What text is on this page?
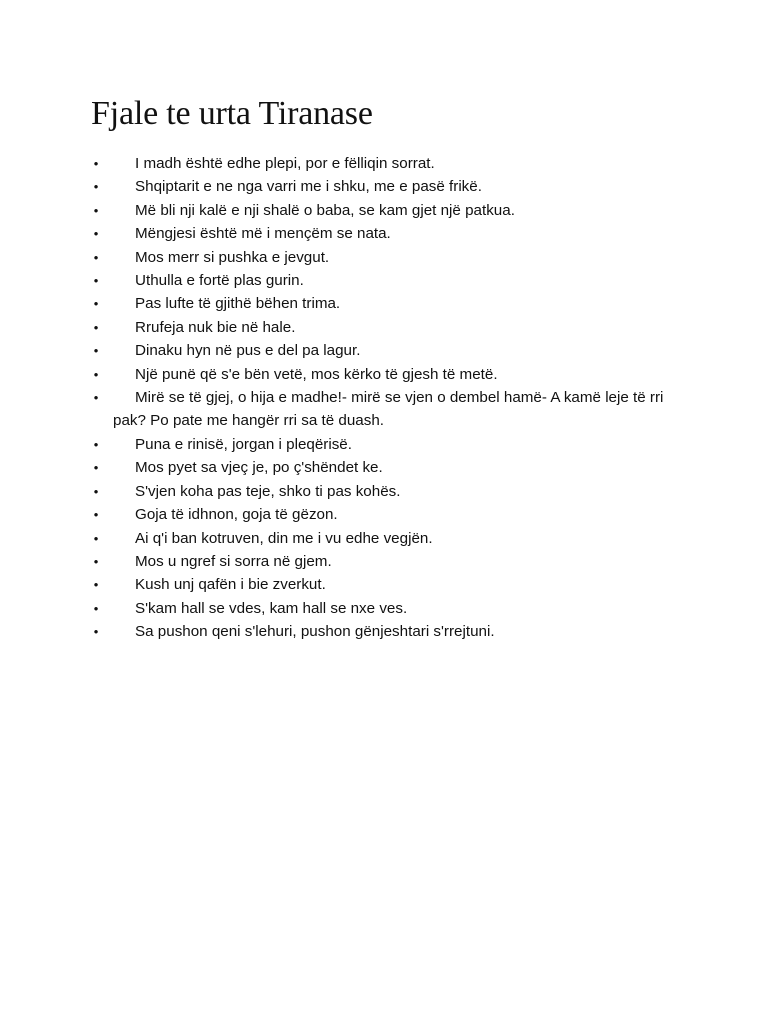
Fjale te urta Tiranase
• I madh është edhe plepi, por e fëlliqin sorrat.
• Shqiptarit e ne nga varri me i shku, me e pasë frikë.
• Më bli nji kalë e nji shalë o baba, se kam gjet një patkua.
• Mëngjesi është më i mençëm se nata.
• Mos merr si pushka e jevgut.
• Uthulla e fortë plas gurin.
• Pas lufte të gjithë bëhen trima.
• Rrufeja nuk bie në hale.
• Dinaku hyn në pus e del pa lagur.
• Një punë që s'e bën vetë, mos kërko të gjesh të metë.
•	Mirë se të gjej, o hija e madhe!- mirë se vjen o dembel hamë- A kamë leje të rri pak? Po pate me hangër rri sa të duash.
• Puna e rinisë, jorgan i pleqërisë.
• Mos pyet sa vjeç je, po ç'shëndet ke.
• S'vjen koha pas teje, shko ti pas kohës.
• Goja të idhnon, goja të gëzon.
• Ai q'i ban kotruven, din me i vu edhe vegjën.
• Mos u ngref si sorra në gjem.
• Kush unj qafën i bie zverkut.
• S'kam hall se vdes, kam hall se nxe ves.
• Sa pushon qeni s'lehuri, pushon gënjeshtari s'rrejtuni.
